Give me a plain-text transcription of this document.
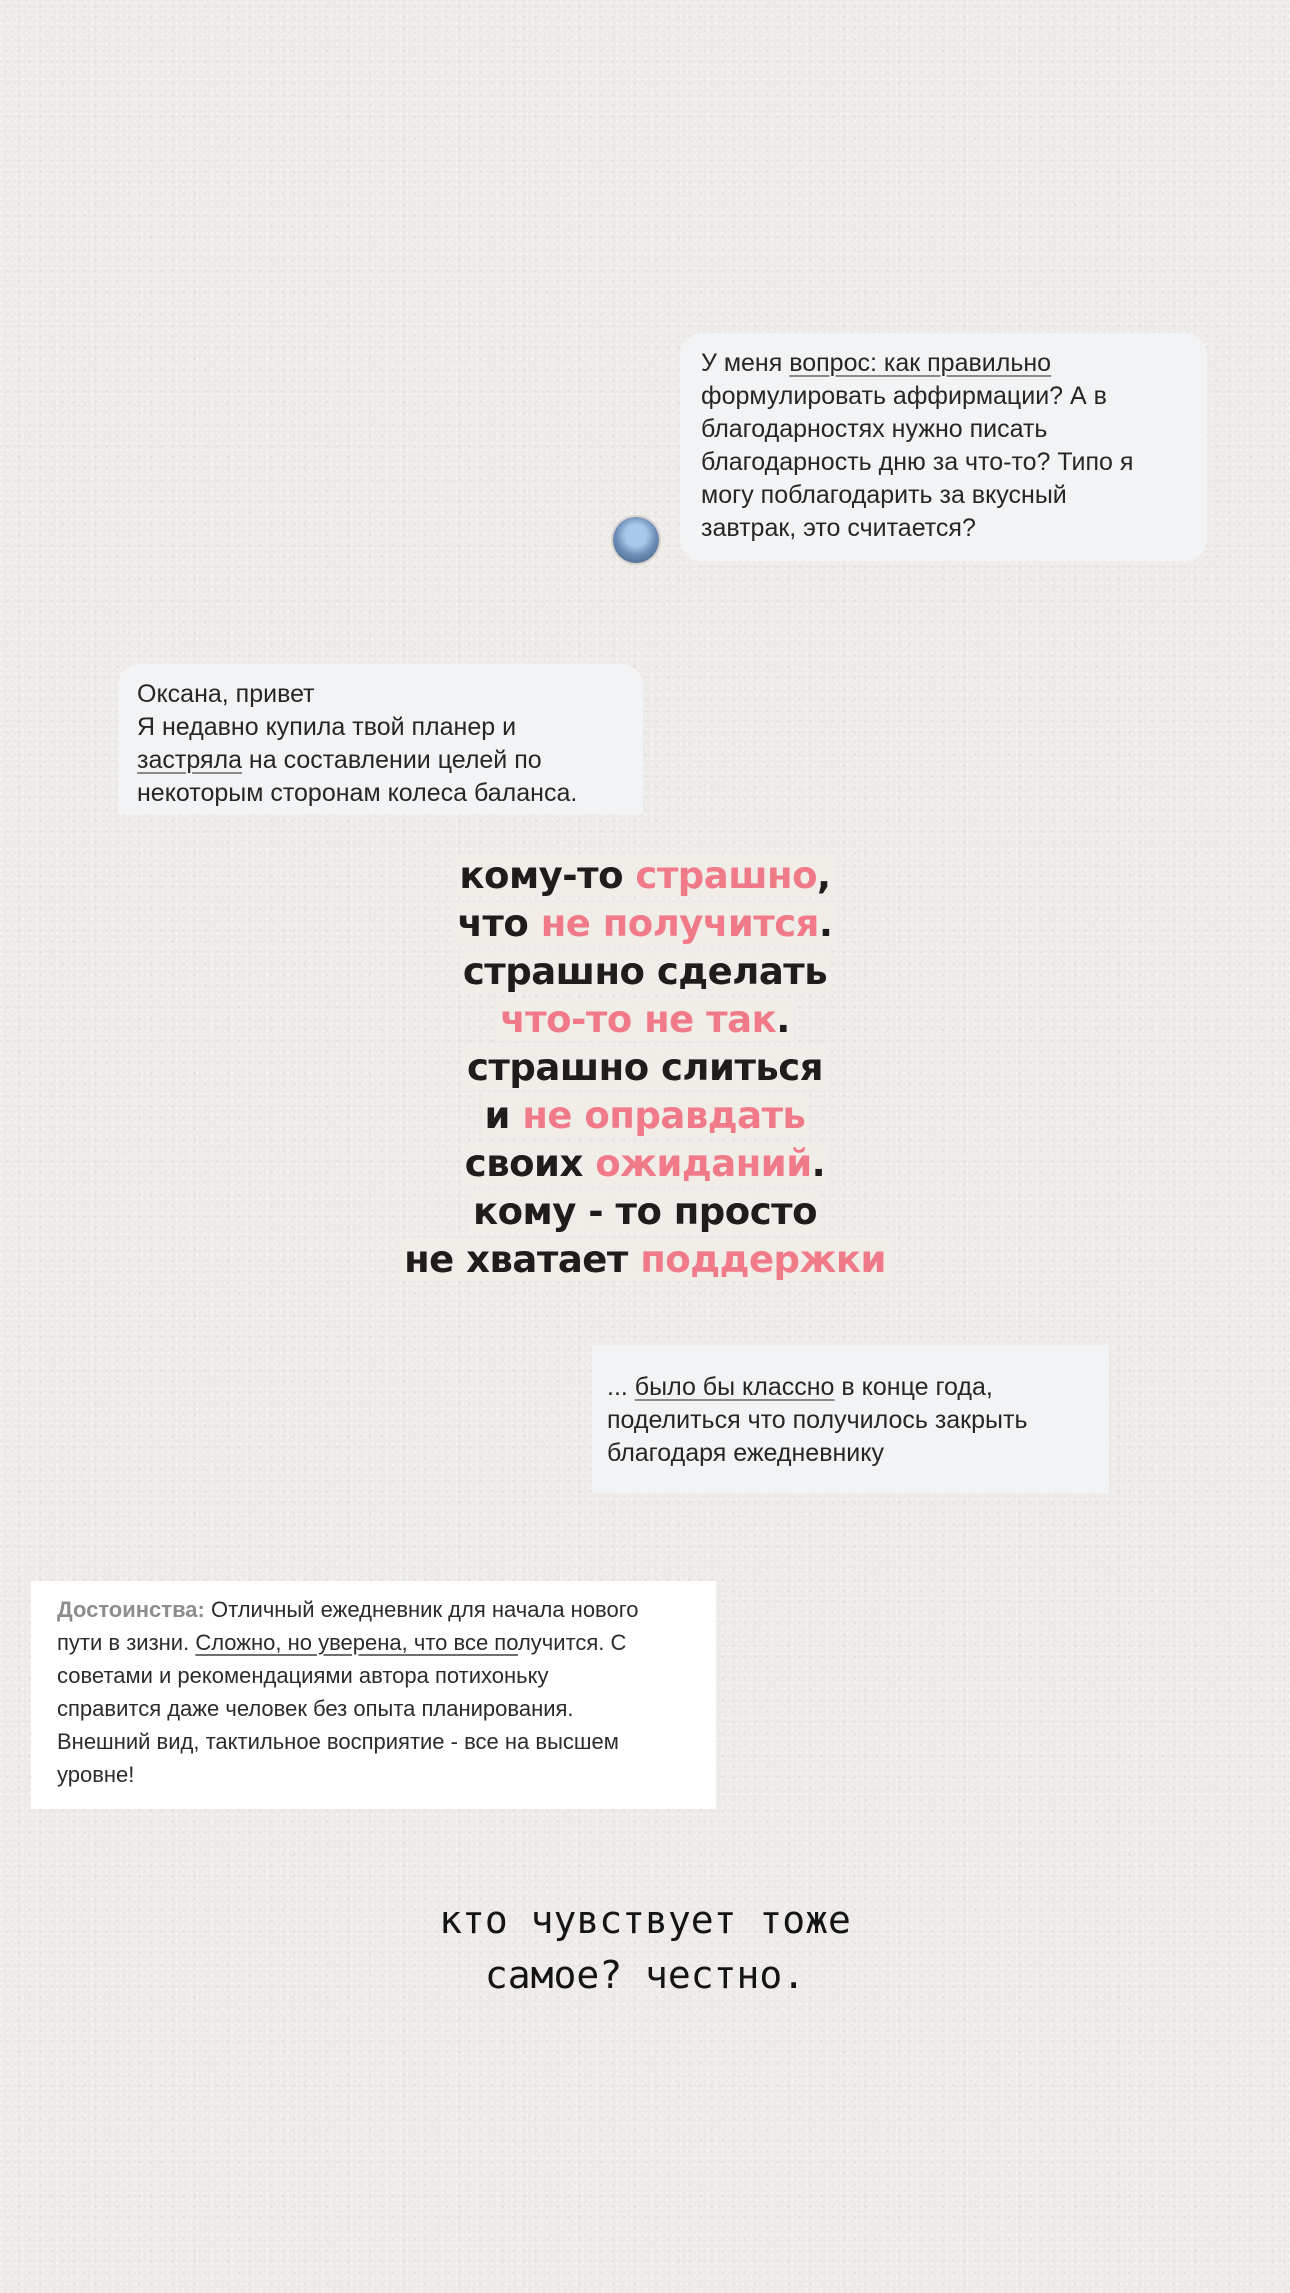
У меня вопрос: как правильно

формулировать аффирмации? А в

благодарностях нужно писать

благодарность дню за что-то? Типо я

могу поблагодарить за вкусный

завтрак, это считается?

Оксана, привет

Я недавно купила твой планер и

застряла на составлении целей по

некоторым сторонам колеса баланса.

кому-то страшно,
что не получится.
страшно сделать
что-то не так.
страшно слиться
и не оправдать
своих ожиданий.
кому - то просто
не хватает поддержки

... было бы классно в конце года,

поделиться что получилось закрыть

благодаря ежедневнику

Достоинства: Отличный ежедневник для начала нового
пути в зизни. Сложно, но уверена, что все получится. С
советами и рекомендациями автора потихоньку
справится даже человек без опыта планирования.
Внешний вид, тактильное восприятие - все на высшем
уровне!
кто чувствует тоже
самое? честно.
